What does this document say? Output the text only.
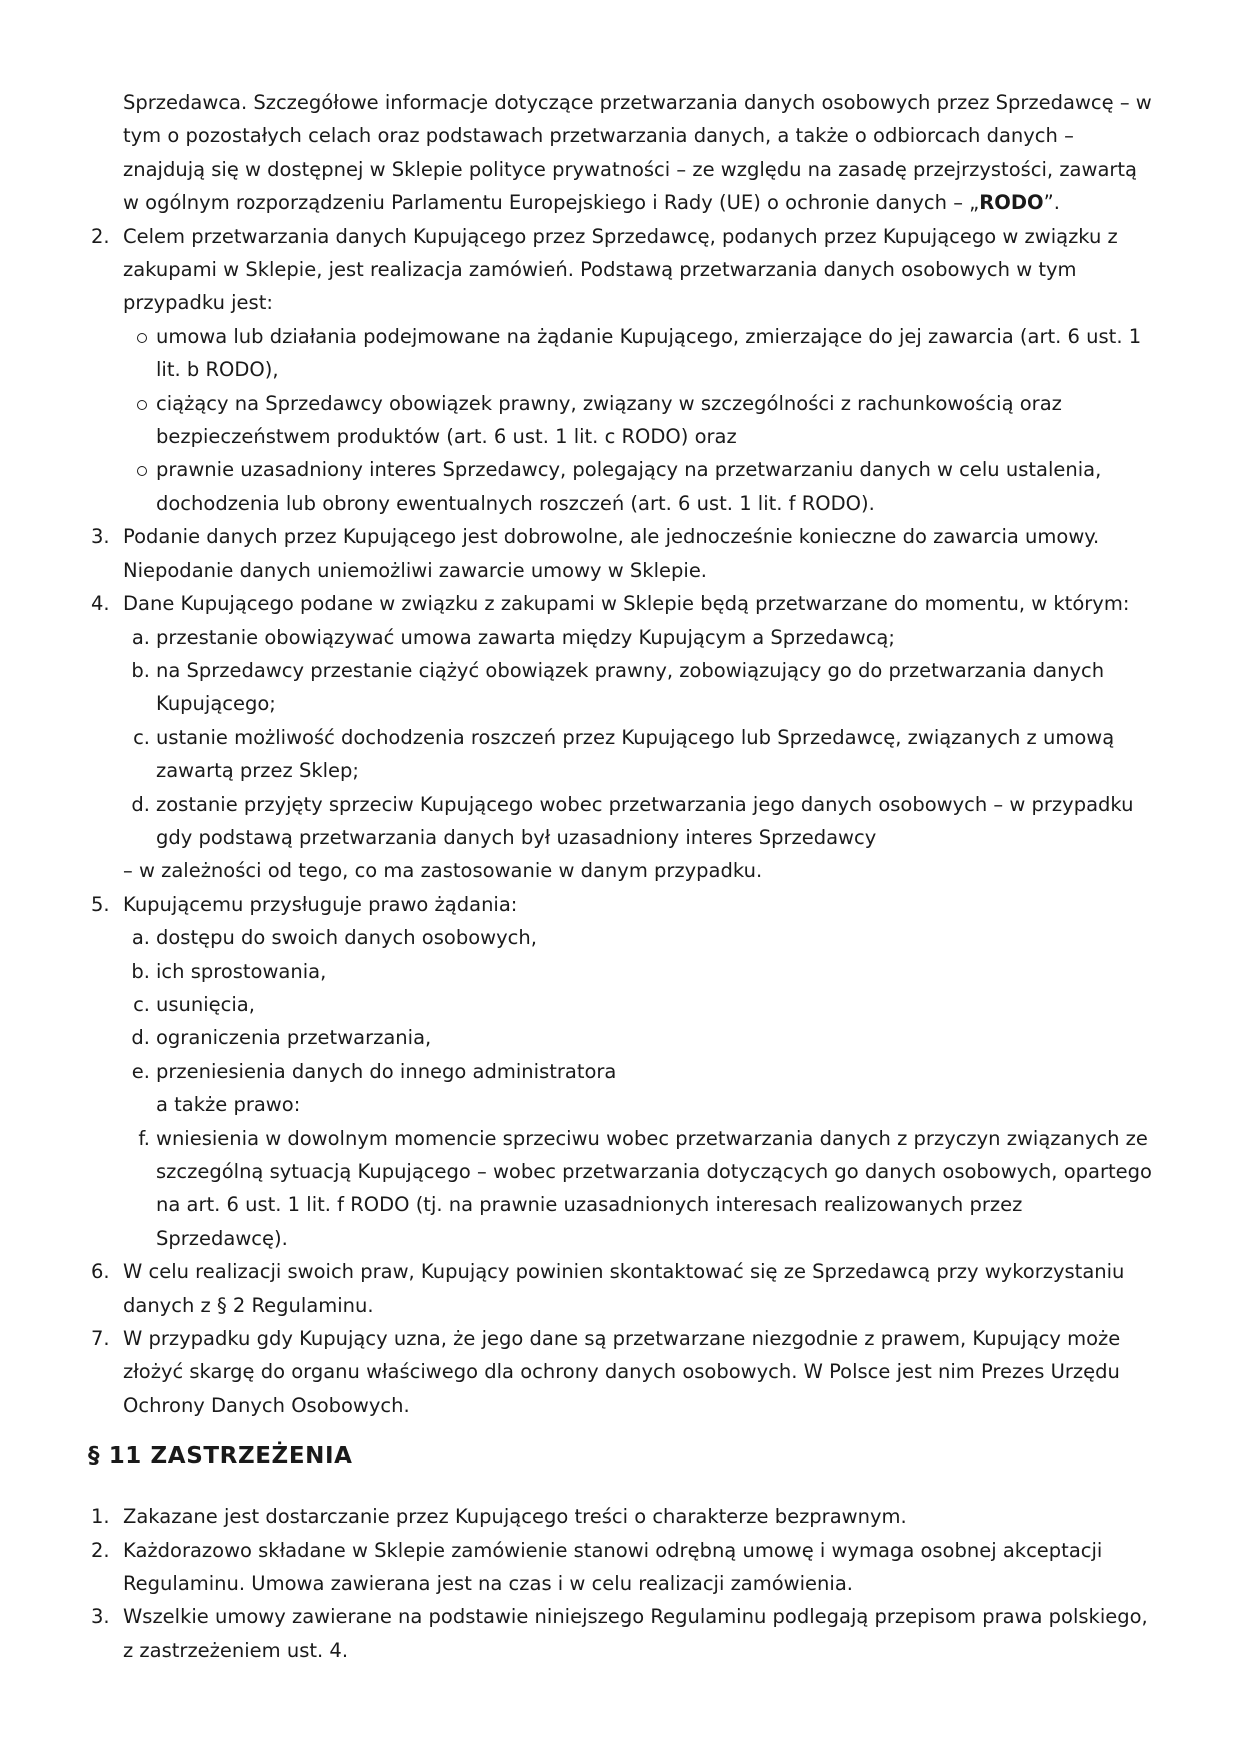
Sprzedawca. Szczegółowe informacje dotyczące przetwarzania danych osobowych przez Sprzedawcę – w tym o pozostałych celach oraz podstawach przetwarzania danych, a także o odbiorcach danych – znajdują się w dostępnej w Sklepie polityce prywatności – ze względu na zasadę przejrzystości, zawartą w ogólnym rozporządzeniu Parlamentu Europejskiego i Rady (UE) o ochronie danych – „RODO”.

2. Celem przetwarzania danych Kupującego przez Sprzedawcę, podanych przez Kupującego w związku z zakupami w Sklepie, jest realizacja zamówień. Podstawą przetwarzania danych osobowych w tym przypadku jest:
umowa lub działania podejmowane na żądanie Kupującego, zmierzające do jej zawarcia (art. 6 ust. 1 lit. b RODO),
ciążący na Sprzedawcy obowiązek prawny, związany w szczególności z rachunkowością oraz bezpieczeństwem produktów (art. 6 ust. 1 lit. c RODO) oraz
prawnie uzasadniony interes Sprzedawcy, polegający na przetwarzaniu danych w celu ustalenia, dochodzenia lub obrony ewentualnych roszczeń (art. 6 ust. 1 lit. f RODO).
3. Podanie danych przez Kupującego jest dobrowolne, ale jednocześnie konieczne do zawarcia umowy. Niepodanie danych uniemożliwi zawarcie umowy w Sklepie.
4. Dane Kupującego podane w związku z zakupami w Sklepie będą przetwarzane do momentu, w którym:
a. przestanie obowiązywać umowa zawarta między Kupującym a Sprzedawcą;
b. na Sprzedawcy przestanie ciążyć obowiązek prawny, zobowiązujący go do przetwarzania danych Kupującego;
c. ustanie możliwość dochodzenia roszczeń przez Kupującego lub Sprzedawcę, związanych z umową zawartą przez Sklep;
d. zostanie przyjęty sprzeciw Kupującego wobec przetwarzania jego danych osobowych – w przypadku gdy podstawą przetwarzania danych był uzasadniony interes Sprzedawcy
– w zależności od tego, co ma zastosowanie w danym przypadku.
5. Kupującemu przysługuje prawo żądania:
a. dostępu do swoich danych osobowych,
b. ich sprostowania,
c. usunięcia,
d. ograniczenia przetwarzania,
e. przeniesienia danych do innego administratora
a także prawo:
f. wniesienia w dowolnym momencie sprzeciwu wobec przetwarzania danych z przyczyn związanych ze szczególną sytuacją Kupującego – wobec przetwarzania dotyczących go danych osobowych, opartego na art. 6 ust. 1 lit. f RODO (tj. na prawnie uzasadnionych interesach realizowanych przez Sprzedawcę).
6. W celu realizacji swoich praw, Kupujący powinien skontaktować się ze Sprzedawcą przy wykorzystaniu danych z § 2 Regulaminu.
7. W przypadku gdy Kupujący uzna, że jego dane są przetwarzane niezgodnie z prawem, Kupujący może złożyć skargę do organu właściwego dla ochrony danych osobowych. W Polsce jest nim Prezes Urzędu Ochrony Danych Osobowych.
§ 11 ZASTRZEŻENIA
1. Zakazane jest dostarczanie przez Kupującego treści o charakterze bezprawnym.
2. Każdorazowo składane w Sklepie zamówienie stanowi odrębną umowę i wymaga osobnej akceptacji Regulaminu. Umowa zawierana jest na czas i w celu realizacji zamówienia.
3. Wszelkie umowy zawierane na podstawie niniejszego Regulaminu podlegają przepisom prawa polskiego, z zastrzeżeniem ust. 4.
